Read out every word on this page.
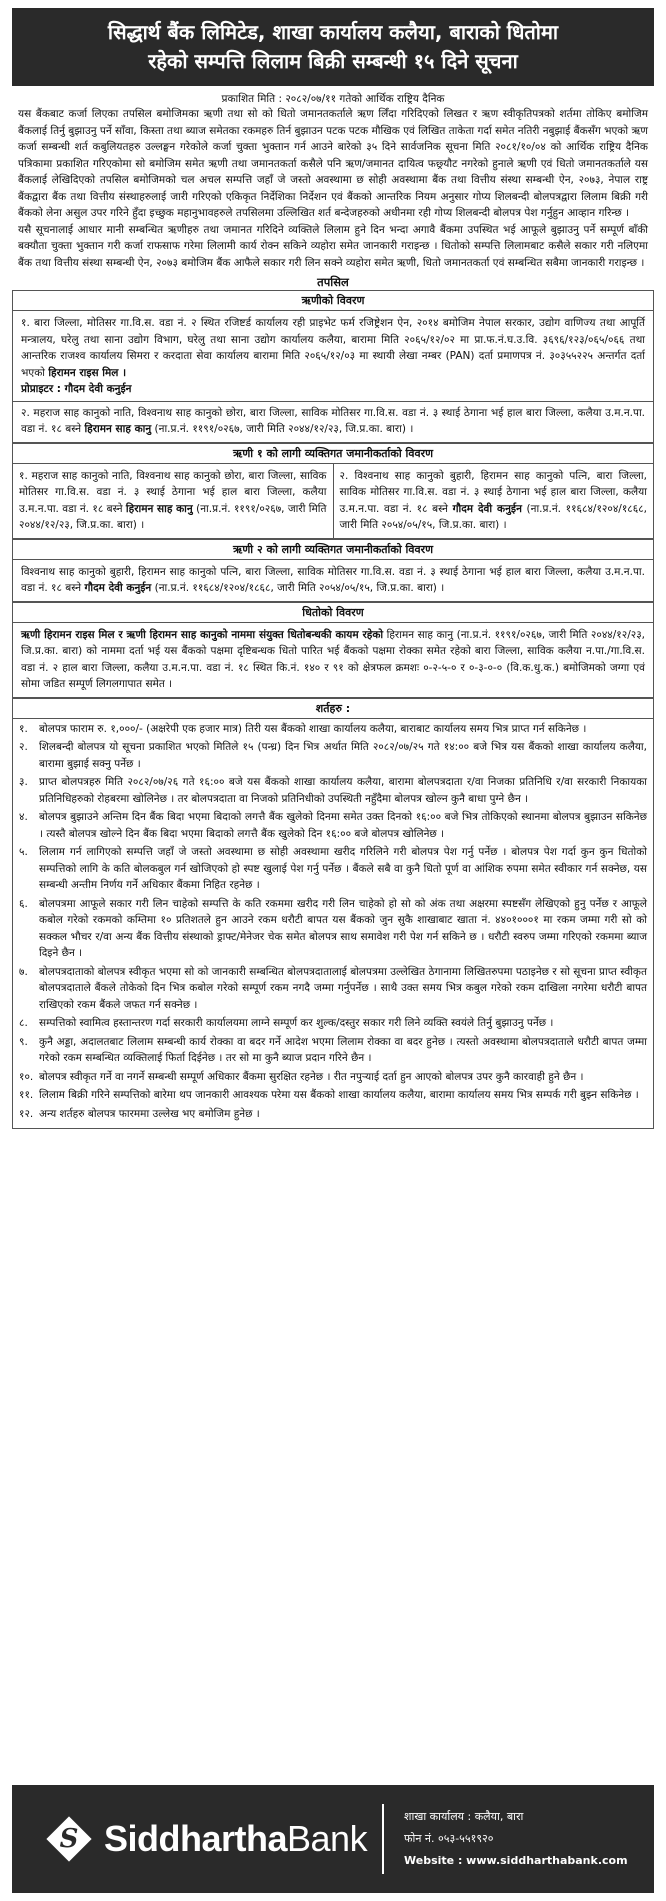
सिद्धार्थ बैंक लिमिटेड, शाखा कार्यालय कलैया, बाराको धितोमा
रहेको सम्पत्ति लिलाम बिक्री सम्बन्धी १५ दिने सूचना
प्रकाशित मिति : २०८२/०७/११ गतेको आर्थिक राष्ट्रिय दैनिक

यस बैंकबाट कर्जा लिएका तपसिल बमोजिमका ऋणी तथा सो को धितो जमानतकर्ताले ऋण लिँदा गरिदिएको लिखत र ऋण स्वीकृतिपत्रको शर्तमा तोकिए बमोजिम बैंकलाई तिर्नु बुझाउनु पर्ने साँवा, किस्ता तथा ब्याज समेतका रकमहरु तिर्न बुझाउन पटक पटक मौखिक एवं लिखित ताकेता गर्दा समेत नतिरी नबुझाई बैंकसँग भएको ऋण कर्जा सम्बन्धी शर्त कबुलियतहरु उल्लङ्घन गरेकोले कर्जा चुक्ता भुक्तान गर्न आउने बारेको ३५ दिने सार्वजनिक सूचना मिति २०८१/१०/०४ को आर्थिक राष्ट्रिय दैनिक पत्रिकामा प्रकाशित गरिएकोमा सो बमोजिम समेत ऋणी तथा जमानतकर्ता कसैले पनि ऋण/जमानत दायित्व फछ्र्यौट नगरेको हुनाले ऋणी एवं धितो जमानतकर्ताले यस बैंकलाई लेखिदिएको तपसिल बमोजिमको चल अचल सम्पत्ति जहाँ जे जस्तो अवस्थामा छ सोही अवस्थामा बैंक तथा वित्तीय संस्था सम्बन्धी ऐन, २०७३, नेपाल राष्ट्र बैंकद्वारा बैंक तथा वित्तीय संस्थाहरुलाई जारी गरिएको एकिकृत निर्देशिका निर्देशन एवं बैंकको आन्तरिक नियम अनुसार गोप्य शिलबन्दी बोलपत्रद्वारा लिलाम बिक्री गरी बैंकको लेना असुल उपर गरिने हुँदा इच्छुक महानुभावहरुले तपसिलमा उल्लिखित शर्त बन्देजहरुको अधीनमा रही गोप्य शिलबन्दी बोलपत्र पेश गर्नुहुन आव्हान गरिन्छ ।

यसै सूचनालाई आधार मानी सम्बन्धित ऋणीहरु तथा जमानत गरिदिने व्यक्तिले लिलाम हुने दिन भन्दा अगावै बैंकमा उपस्थित भई आफूले बुझाउनु पर्ने सम्पूर्ण बाँकी बक्यौता चुक्ता भुक्तान गरी कर्जा राफसाफ गरेमा लिलामी कार्य रोक्न सकिने व्यहोरा समेत जानकारी गराइन्छ । धितोको सम्पत्ति लिलामबाट कसैले सकार गरी नलिएमा बैंक तथा वित्तीय संस्था सम्बन्धी ऐन, २०७३ बमोजिम बैंक आफैले सकार गरी लिन सक्ने व्यहोरा समेत ऋणी, धितो जमानतकर्ता एवं सम्बन्धित सबैमा जानकारी गराइन्छ ।

तपसिल
ऋणीको विवरण
१. बारा जिल्ला, मोतिसर गा.वि.स. वडा नं. २ स्थित रजिष्टर्ड कार्यालय रही प्राइभेट फर्म रजिष्ट्रेशन ऐन, २०१४ बमोजिम नेपाल सरकार, उद्योग वाणिज्य तथा आपूर्ति मन्त्रालय, घरेलु तथा साना उद्योग विभाग, घरेलु तथा साना उद्योग कार्यालय कलैया, बारामा मिति २०६५/१२/०२ मा प्रा.फ.नं.घ.उ.वि. ३६९६/१२३/०६५/०६६ तथा आन्तरिक राजश्व कार्यालय सिमरा र करदाता सेवा कार्यालय बारामा मिति २०६५/१२/०३ मा स्थायी लेखा नम्बर (PAN) दर्ता प्रमाणपत्र नं. ३०३५५२२५ अन्तर्गत दर्ता भएको हिरामन राइस मिल ।
प्रोप्राइटर : गौदम देवी कनुईन
२. महराज साह कानुको नाति, विश्वनाथ साह कानुको छोरा, बारा जिल्ला, साविक मोतिसर गा.वि.स. वडा नं. ३ स्थाई ठेगाना भई हाल बारा जिल्ला, कलैया उ.म.न.पा. वडा नं. १८ बस्ने हिरामन साह कानु (ना.प्र.नं. ११९१/०२६७, जारी मिति २०४४/१२/२३, जि.प्र.का. बारा) ।
ऋणी १ को लागी व्यक्तिगत जमानीकर्ताको विवरण
१. महराज साह कानुको नाति, विश्वनाथ साह कानुको छोरा, बारा जिल्ला, साविक मोतिसर गा.वि.स. वडा नं. ३ स्थाई ठेगाना भई हाल बारा जिल्ला, कलैया उ.म.न.पा. वडा नं. १८ बस्ने हिरामन साह कानु (ना.प्र.नं. ११९१/०२६७, जारी मिति २०४४/१२/२३, जि.प्र.का. बारा) ।
२. विश्वनाथ साह कानुको बुहारी, हिरामन साह कानुको पत्नि, बारा जिल्ला, साविक मोतिसर गा.वि.स. वडा नं. ३ स्थाई ठेगाना भई हाल बारा जिल्ला, कलैया उ.म.न.पा. वडा नं. १८ बस्ने गौदम देवी कनुईन (ना.प्र.नं. ११६८४/१२०४/१८६८, जारी मिति २०५४/०५/१५, जि.प्र.का. बारा) ।
ऋणी २ को लागी व्यक्तिगत जमानीकर्ताको विवरण
विश्वनाथ साह कानुको बुहारी, हिरामन साह कानुको पत्नि, बारा जिल्ला, साविक मोतिसर गा.वि.स. वडा नं. ३ स्थाई ठेगाना भई हाल बारा जिल्ला, कलैया उ.म.न.पा. वडा नं. १८ बस्ने गौदम देवी कनुईन (ना.प्र.नं. ११६८४/१२०४/१८६८, जारी मिति २०५४/०५/१५, जि.प्र.का. बारा) ।
धितोको विवरण
ऋणी हिरामन राइस मिल र ऋणी हिरामन साह कानुको नाममा संयुक्त धितोबन्धकी कायम रहेको हिरामन साह कानु (ना.प्र.नं. ११९१/०२६७, जारी मिति २०४४/१२/२३, जि.प्र.का. बारा) को नाममा दर्ता भई यस बैंकको पक्षमा दृष्टिबन्धक धितो पारित भई बैंकको पक्षमा रोक्का समेत रहेको बारा जिल्ला, साविक कलैया न.पा./गा.वि.स. वडा नं. २ हाल बारा जिल्ला, कलैया उ.म.न.पा. वडा नं. १८ स्थित कि.नं. १४० र ९१ को क्षेत्रफल क्रमशः ०-२-५-० र ०-३-०-० (वि.क.धु.क.) बमोजिमको जग्गा एवं सोमा जडित सम्पूर्ण लिगलगापात समेत ।
शर्तहरु :
१.	बोलपत्र फाराम रु. १,०००/- (अक्षरेपी एक हजार मात्र) तिरी यस बैंकको शाखा कार्यालय कलैया, बाराबाट कार्यालय समय भित्र प्राप्त गर्न सकिनेछ ।
२.	शिलबन्दी बोलपत्र यो सूचना प्रकाशित भएको मितिले १५ (पन्ध्र) दिन भित्र अर्थात मिति २०८२/०७/२५ गते १४:०० बजे भित्र यस बैंकको शाखा कार्यालय कलैया, बारामा बुझाई सक्नु पर्नेछ ।
३.	प्राप्त बोलपत्रहरु मिति २०८२/०७/२६ गते १६:०० बजे यस बैंकको शाखा कार्यालय कलैया, बारामा बोलपत्रदाता र/वा निजका प्रतिनिधि र/वा सरकारी निकायका प्रतिनिधिहरुको रोहबरमा खोलिनेछ । तर बोलपत्रदाता वा निजको प्रतिनिधीको उपस्थिती नहुँदैमा बोलपत्र खोल्न कुनै बाधा पुग्ने छैन ।
४.	बोलपत्र बुझाउने अन्तिम दिन बैंक बिदा भएमा बिदाको लगत्तै बैंक खुलेको दिनमा समेत उक्त दिनको १६:०० बजे भित्र तोकिएको स्थानमा बोलपत्र बुझाउन सकिनेछ । त्यस्तै बोलपत्र खोल्ने दिन बैंक बिदा भएमा बिदाको लगत्तै बैंक खुलेको दिन १६:०० बजे बोलपत्र खोलिनेछ ।
५.	लिलाम गर्न लागिएको सम्पत्ति जहाँ जे जस्तो अवस्थामा छ सोही अवस्थामा खरीद गरिलिने गरी बोलपत्र पेश गर्नु पर्नेछ । बोलपत्र पेश गर्दा कुन कुन धितोको सम्पत्तिको लागि के कति बोलकबुल गर्न खोजिएको हो स्पष्ट खुलाई पेश गर्नु पर्नेछ । बैंकले सबै वा कुनै धितो पूर्ण वा आंशिक रुपमा समेत स्वीकार गर्न सक्नेछ, यस सम्बन्धी अन्तीम निर्णय गर्ने अधिकार बैंकमा निहित रहनेछ ।
६.	बोलपत्रमा आफूले सकार गरी लिन चाहेको सम्पत्ति के कति रकममा खरीद गरी लिन चाहेको हो सो को अंक तथा अक्षरमा स्पष्टसँग लेखिएको हुनु पर्नेछ र आफूले कबोल गरेको रकमको कम्तिमा १० प्रतिशतले हुन आउने रकम धरौटी बापत यस बैंकको जुन सुकै शाखाबाट खाता नं. ४४०१०००१ मा रकम जम्मा गरी सो को सक्कल भौचर र/वा अन्य बैंक वित्तीय संस्थाको ड्राफ्ट/मेनेजर चेक समेत बोलपत्र साथ समावेश गरी पेश गर्न सकिने छ । धरौटी स्वरुप जम्मा गरिएको रकममा ब्याज दिइने छैन ।
७.	बोलपत्रदाताको बोलपत्र स्वीकृत भएमा सो को जानकारी सम्बन्धित बोलपत्रदातालाई बोलपत्रमा उल्लेखित ठेगानामा लिखितरुपमा पठाइनेछ र सो सूचना प्राप्त स्वीकृत बोलपत्रदाताले बैंकले तोकेको दिन भित्र कबोल गरेको सम्पूर्ण रकम नगदै जम्मा गर्नुपर्नेछ । साथै उक्त समय भित्र कबुल गरेको रकम दाखिला नगरेमा धरौटी बापत राखिएको रकम बैंकले जफत गर्न सक्नेछ ।
८.	सम्पत्तिको स्वामित्व हस्तान्तरण गर्दा सरकारी कार्यालयमा लाग्ने सम्पूर्ण कर शुल्क/दस्तुर सकार गरी लिने व्यक्ति स्वयंले तिर्नु बुझाउनु पर्नेछ ।
९.	कुनै अड्डा, अदालतबाट लिलाम सम्बन्धी कार्य रोक्का वा बदर गर्ने आदेश भएमा लिलाम रोक्का वा बदर हुनेछ । त्यस्तो अवस्थामा बोलपत्रदाताले धरौटी बापत जम्मा गरेको रकम सम्बन्धित व्यक्तिलाई फिर्ता दिईनेछ । तर सो मा कुनै ब्याज प्रदान गरिने छैन ।
१०. बोलपत्र स्वीकृत गर्ने वा नगर्ने सम्बन्धी सम्पूर्ण अधिकार बैंकमा सुरक्षित रहनेछ । रीत नपुऱ्याई दर्ता हुन आएको बोलपत्र उपर कुनै कारवाही हुने छैन ।
११. लिलाम बिक्री गरिने सम्पत्तिको बारेमा थप जानकारी आवश्यक परेमा यस बैंकको शाखा कार्यालय कलैया, बारामा कार्यालय समय भित्र सम्पर्क गरी बुझ्न सकिनेछ ।
१२. अन्य शर्तहरु बोलपत्र फारममा उल्लेख भए बमोजिम हुनेछ ।
S SiddharthaBank
शाखा कार्यालय : कलैया, बारा
फोन नं. ०५३-५५१९२०
Website : www.siddharthabank.com
